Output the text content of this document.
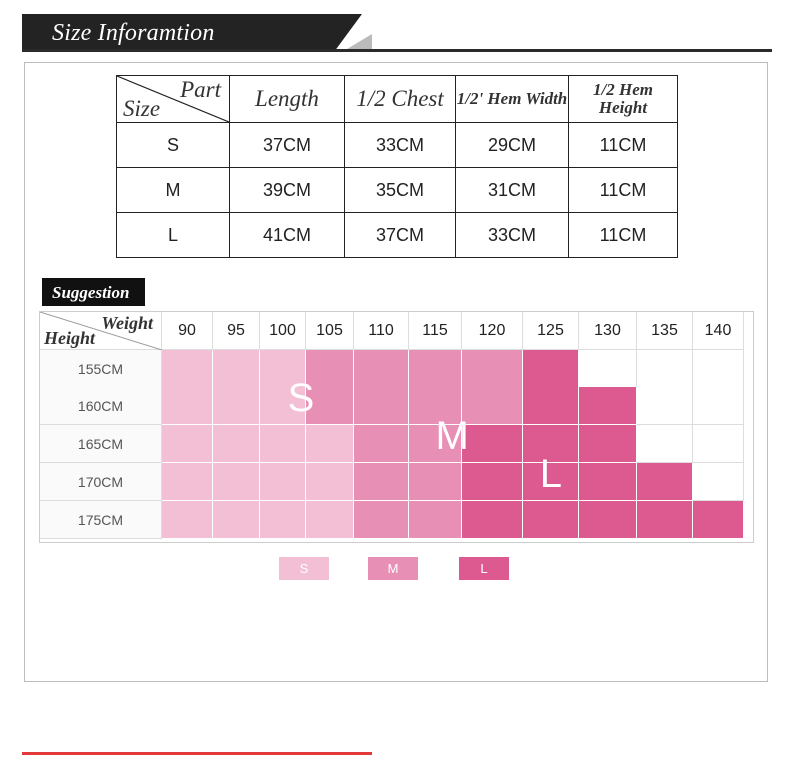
Size Inforamtion
Part
Size	Length	1/2 Chest	1/2' Hem Width	1/2 Hem Height
S	37CM	33CM	29CM	11CM
M	39CM	35CM	31CM	11CM
L	41CM	37CM	33CM	11CM
Suggestion
Weight
Height	90	95	100	105	110	115	120	125	130	135	140
155CM
160CM
165CM
170CM
175CM
S
M
L
S	M	L
